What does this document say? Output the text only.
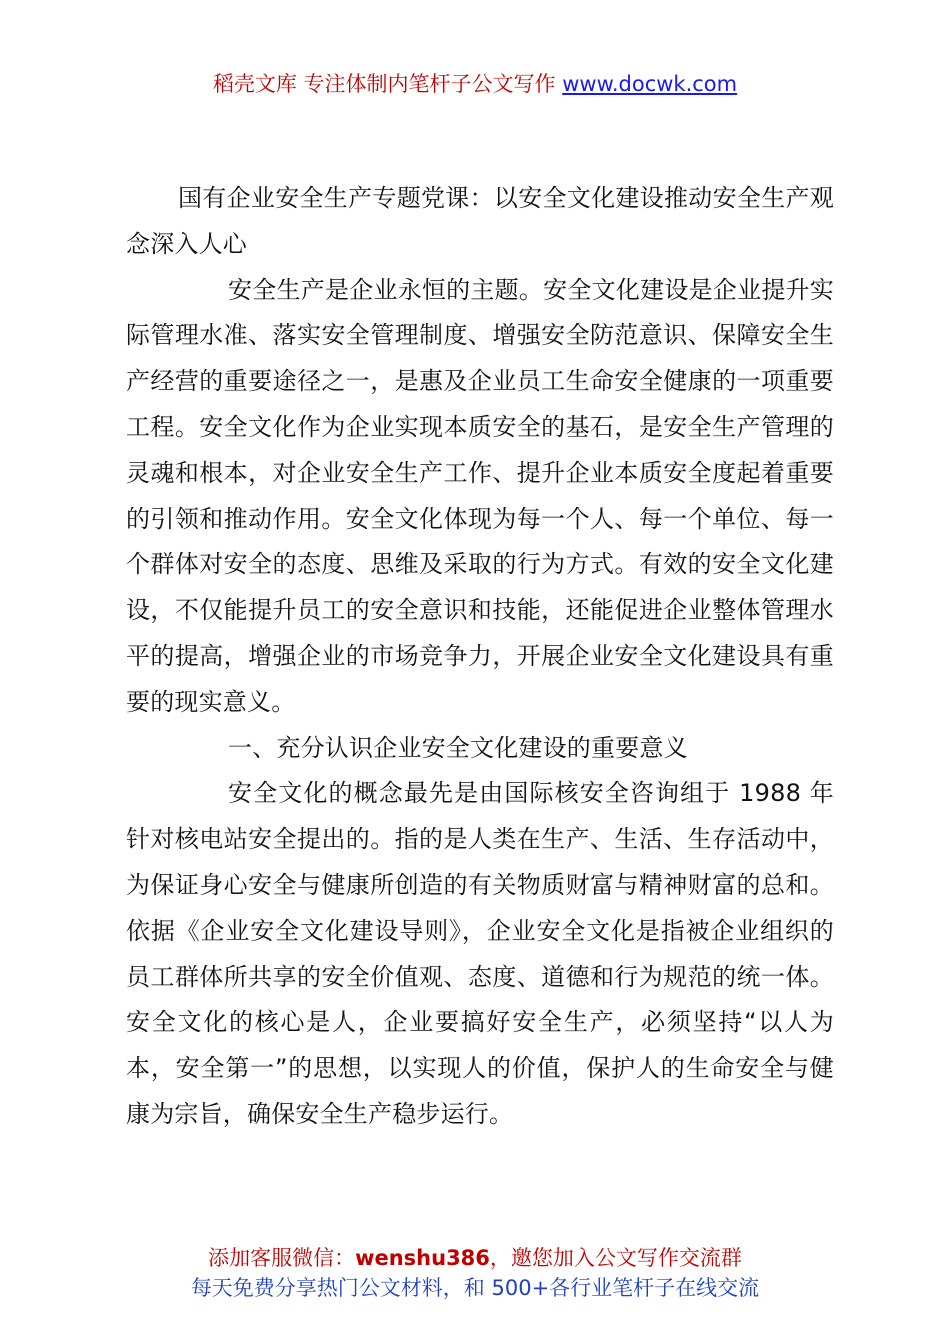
稻壳文库 专注体制内笔杆子公文写作 www.docwk.com

国有企业安全生产专题党课：以安全文化建设推动安全生产观念深入人心

安全生产是企业永恒的主题。安全文化建设是企业提升实际管理水准、落实安全管理制度、增强安全防范意识、保障安全生产经营的重要途径之一，是惠及企业员工生命安全健康的一项重要工程。安全文化作为企业实现本质安全的基石，是安全生产管理的灵魂和根本，对企业安全生产工作、提升企业本质安全度起着重要的引领和推动作用。安全文化体现为每一个人、每一个单位、每一个群体对安全的态度、思维及采取的行为方式。有效的安全文化建设，不仅能提升员工的安全意识和技能，还能促进企业整体管理水平的提高，增强企业的市场竞争力，开展企业安全文化建设具有重要的现实意义。

一、充分认识企业安全文化建设的重要意义

安全文化的概念最先是由国际核安全咨询组于 1988 年针对核电站安全提出的。指的是人类在生产、生活、生存活动中，为保证身心安全与健康所创造的有关物质财富与精神财富的总和。依据《企业安全文化建设导则》，企业安全文化是指被企业组织的员工群体所共享的安全价值观、态度、道德和行为规范的统一体。安全文化的核心是人，企业要搞好安全生产，必须坚持“以人为本，安全第一”的思想，以实现人的价值，保护人的生命安全与健康为宗旨，确保安全生产稳步运行。

添加客服微信：wenshu386，邀您加入公文写作交流群
每天免费分享热门公文材料，和 500+各行业笔杆子在线交流
